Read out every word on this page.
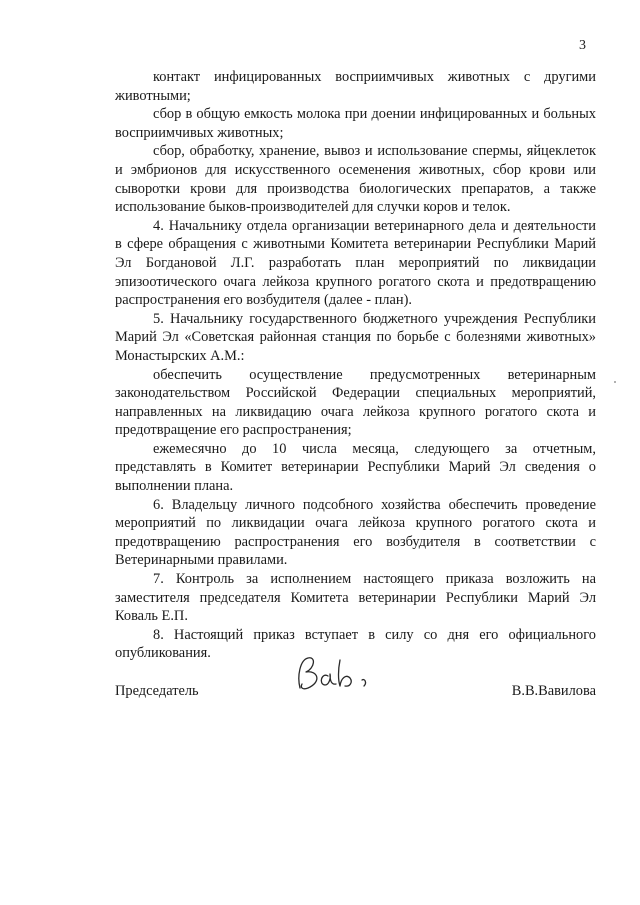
3

контакт инфицированных восприимчивых животных с другими животными;

сбор в общую емкость молока при доении инфицированных и больных восприимчивых животных;

сбор, обработку, хранение, вывоз и использование спермы, яйцеклеток и эмбрионов для искусственного осеменения животных, сбор крови или сыворотки крови для производства биологических препаратов, а также использование быков-производителей для случки коров и телок.

4. Начальнику отдела организации ветеринарного дела и деятельности в сфере обращения с животными Комитета ветеринарии Республики Марий Эл Богдановой Л.Г. разработать план мероприятий по ликвидации эпизоотического очага лейкоза крупного рогатого скота и предотвращению распространения его возбудителя (далее - план).

5. Начальнику государственного бюджетного учреждения Республики Марий Эл «Советская районная станция по борьбе с болезнями животных» Монастырских А.М.:

обеспечить осуществление предусмотренных ветеринарным законодательством Российской Федерации специальных мероприятий, направленных на ликвидацию очага лейкоза крупного рогатого скота и предотвращение его распространения;

ежемесячно до 10 числа месяца, следующего за отчетным, представлять в Комитет ветеринарии Республики Марий Эл сведения о выполнении плана.

6. Владельцу личного подсобного хозяйства обеспечить проведение мероприятий по ликвидации очага лейкоза крупного рогатого скота и предотвращению распространения его возбудителя в соответствии с Ветеринарными правилами.

7. Контроль за исполнением настоящего приказа возложить на заместителя председателя Комитета ветеринарии Республики Марий Эл Коваль Е.П.

8. Настоящий приказ вступает в силу со дня его официального опубликования.

Председатель	В.В.Вавилова
